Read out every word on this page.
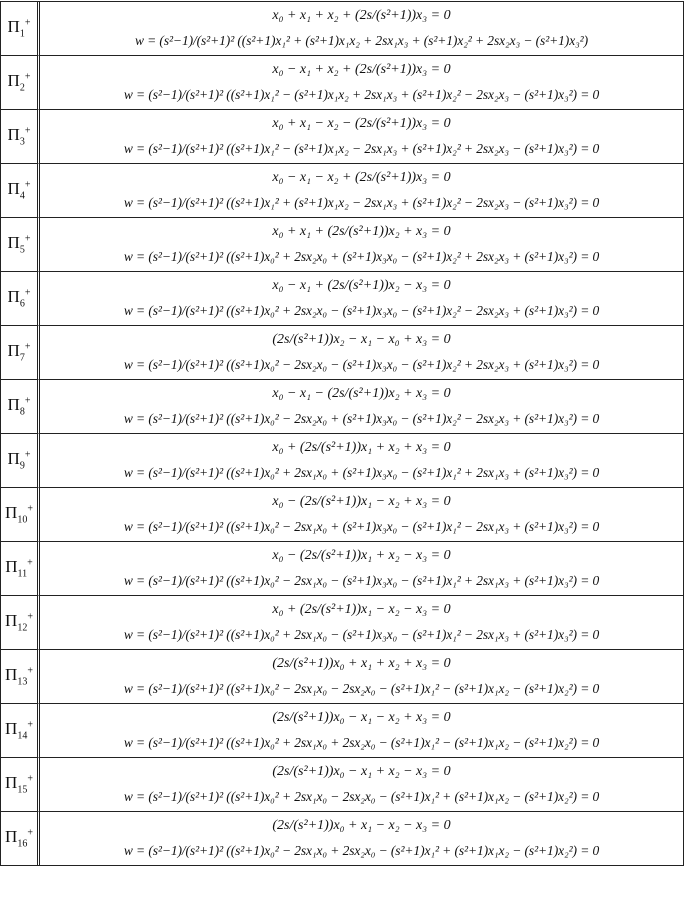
$\Pi_1^+$	x₀ + x₁ + x₂ + (2s/(s²+1))x₃ = 0
w = (s²−1)/(s²+1)² ((s²+1)x₁² + (s²+1)x₁x₂ + 2sx₁x₃ + (s²+1)x₂² + 2sx₂x₃ − (s²+1)x₃²)

$\Pi_2^+$	x₀ − x₁ + x₂ + (2s/(s²+1))x₃ = 0
w = (s²−1)/(s²+1)² ((s²+1)x₁² − (s²+1)x₁x₂ + 2sx₁x₃ + (s²+1)x₂² − 2sx₂x₃ − (s²+1)x₃²) = 0

$\Pi_3^+$	x₀ + x₁ − x₂ − (2s/(s²+1))x₃ = 0
w = (s²−1)/(s²+1)² ((s²+1)x₁² − (s²+1)x₁x₂ − 2sx₁x₃ + (s²+1)x₂² + 2sx₂x₃ − (s²+1)x₃²) = 0

$\Pi_4^+$	x₀ − x₁ − x₂ + (2s/(s²+1))x₃ = 0
w = (s²−1)/(s²+1)² ((s²+1)x₁² + (s²+1)x₁x₂ − 2sx₁x₃ + (s²+1)x₂² − 2sx₂x₃ − (s²+1)x₃²) = 0

$\Pi_5^+$	x₀ + x₁ + (2s/(s²+1))x₂ + x₃ = 0
w = (s²−1)/(s²+1)² ((s²+1)x₀² + 2sx₂x₀ + (s²+1)x₃x₀ − (s²+1)x₂² + 2sx₂x₃ + (s²+1)x₃²) = 0

$\Pi_6^+$	x₀ − x₁ + (2s/(s²+1))x₂ − x₃ = 0
w = (s²−1)/(s²+1)² ((s²+1)x₀² + 2sx₂x₀ − (s²+1)x₃x₀ − (s²+1)x₂² − 2sx₂x₃ + (s²+1)x₃²) = 0

$\Pi_7^+$	(2s/(s²+1))x₂ − x₁ − x₀ + x₃ = 0
w = (s²−1)/(s²+1)² ((s²+1)x₀² − 2sx₂x₀ − (s²+1)x₃x₀ − (s²+1)x₂² + 2sx₂x₃ + (s²+1)x₃²) = 0

$\Pi_8^+$	x₀ − x₁ − (2s/(s²+1))x₂ + x₃ = 0
w = (s²−1)/(s²+1)² ((s²+1)x₀² − 2sx₂x₀ + (s²+1)x₃x₀ − (s²+1)x₂² − 2sx₂x₃ + (s²+1)x₃²) = 0

$\Pi_9^+$	x₀ + (2s/(s²+1))x₁ + x₂ + x₃ = 0
w = (s²−1)/(s²+1)² ((s²+1)x₀² + 2sx₁x₀ + (s²+1)x₃x₀ − (s²+1)x₁² + 2sx₁x₃ + (s²+1)x₃²) = 0

$\Pi_{10}^+$	x₀ − (2s/(s²+1))x₁ − x₂ + x₃ = 0
w = (s²−1)/(s²+1)² ((s²+1)x₀² − 2sx₁x₀ + (s²+1)x₃x₀ − (s²+1)x₁² − 2sx₁x₃ + (s²+1)x₃²) = 0

$\Pi_{11}^+$	x₀ − (2s/(s²+1))x₁ + x₂ − x₃ = 0
w = (s²−1)/(s²+1)² ((s²+1)x₀² − 2sx₁x₀ − (s²+1)x₃x₀ − (s²+1)x₁² + 2sx₁x₃ + (s²+1)x₃²) = 0

$\Pi_{12}^+$	x₀ + (2s/(s²+1))x₁ − x₂ − x₃ = 0
w = (s²−1)/(s²+1)² ((s²+1)x₀² + 2sx₁x₀ − (s²+1)x₃x₀ − (s²+1)x₁² − 2sx₁x₃ + (s²+1)x₃²) = 0

$\Pi_{13}^+$	(2s/(s²+1))x₀ + x₁ + x₂ + x₃ = 0
w = (s²−1)/(s²+1)² ((s²+1)x₀² − 2sx₁x₀ − 2sx₂x₀ − (s²+1)x₁² − (s²+1)x₁x₂ − (s²+1)x₂²) = 0

$\Pi_{14}^+$	(2s/(s²+1))x₀ − x₁ − x₂ + x₃ = 0
w = (s²−1)/(s²+1)² ((s²+1)x₀² + 2sx₁x₀ + 2sx₂x₀ − (s²+1)x₁² − (s²+1)x₁x₂ − (s²+1)x₂²) = 0

$\Pi_{15}^+$	(2s/(s²+1))x₀ − x₁ + x₂ − x₃ = 0
w = (s²−1)/(s²+1)² ((s²+1)x₀² + 2sx₁x₀ − 2sx₂x₀ − (s²+1)x₁² + (s²+1)x₁x₂ − (s²+1)x₂²) = 0

$\Pi_{16}^+$	(2s/(s²+1))x₀ + x₁ − x₂ − x₃ = 0
w = (s²−1)/(s²+1)² ((s²+1)x₀² − 2sx₁x₀ + 2sx₂x₀ − (s²+1)x₁² + (s²+1)x₁x₂ − (s²+1)x₂²) = 0
